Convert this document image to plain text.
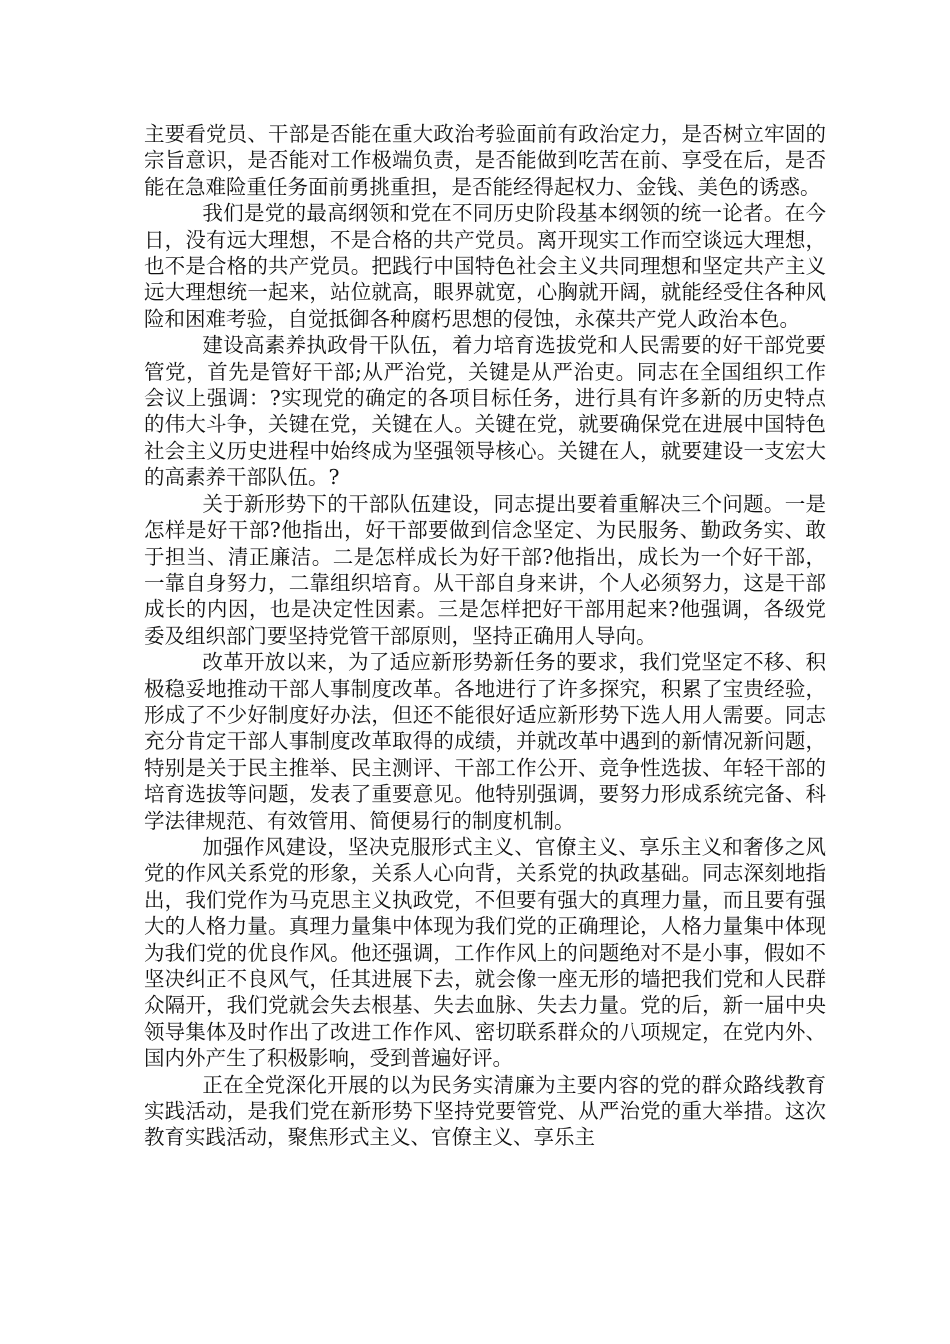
主要看党员、干部是否能在重大政治考验面前有政治定力，是否树立牢固的宗旨意识，是否能对工作极端负责，是否能做到吃苦在前、享受在后，是否能在急难险重任务面前勇挑重担，是否能经得起权力、金钱、美色的诱惑。

我们是党的最高纲领和党在不同历史阶段基本纲领的统一论者。在今日，没有远大理想，不是合格的共产党员。离开现实工作而空谈远大理想，也不是合格的共产党员。把践行中国特色社会主义共同理想和坚定共产主义远大理想统一起来，站位就高，眼界就宽，心胸就开阔，就能经受住各种风险和困难考验，自觉抵御各种腐朽思想的侵蚀，永葆共产党人政治本色。

建设高素养执政骨干队伍，着力培育选拔党和人民需要的好干部党要管党，首先是管好干部;从严治党，关键是从严治吏。同志在全国组织工作会议上强调：?实现党的确定的各项目标任务，进行具有许多新的历史特点的伟大斗争，关键在党，关键在人。关键在党，就要确保党在进展中国特色社会主义历史进程中始终成为坚强领导核心。关键在人，就要建设一支宏大的高素养干部队伍。?

关于新形势下的干部队伍建设，同志提出要着重解决三个问题。一是怎样是好干部?他指出，好干部要做到信念坚定、为民服务、勤政务实、敢于担当、清正廉洁。二是怎样成长为好干部?他指出，成长为一个好干部，一靠自身努力，二靠组织培育。从干部自身来讲，个人必须努力，这是干部成长的内因，也是决定性因素。三是怎样把好干部用起来?他强调，各级党委及组织部门要坚持党管干部原则，坚持正确用人导向。

改革开放以来，为了适应新形势新任务的要求，我们党坚定不移、积极稳妥地推动干部人事制度改革。各地进行了许多探究，积累了宝贵经验，形成了不少好制度好办法，但还不能很好适应新形势下选人用人需要。同志充分肯定干部人事制度改革取得的成绩，并就改革中遇到的新情况新问题，特别是关于民主推举、民主测评、干部工作公开、竞争性选拔、年轻干部的培育选拔等问题，发表了重要意见。他特别强调，要努力形成系统完备、科学法律规范、有效管用、简便易行的制度机制。

加强作风建设，坚决克服形式主义、官僚主义、享乐主义和奢侈之风 党的作风关系党的形象，关系人心向背，关系党的执政基础。同志深刻地指出，我们党作为马克思主义执政党，不但要有强大的真理力量，而且要有强大的人格力量。真理力量集中体现为我们党的正确理论，人格力量集中体现为我们党的优良作风。他还强调，工作作风上的问题绝对不是小事，假如不坚决纠正不良风气，任其进展下去，就会像一座无形的墙把我们党和人民群众隔开，我们党就会失去根基、失去血脉、失去力量。党的后，新一届中央领导集体及时作出了改进工作作风、密切联系群众的八项规定，在党内外、国内外产生了积极影响，受到普遍好评。

正在全党深化开展的以为民务实清廉为主要内容的党的群众路线教育实践活动，是我们党在新形势下坚持党要管党、从严治党的重大举措。这次教育实践活动，聚焦形式主义、官僚主义、享乐主
